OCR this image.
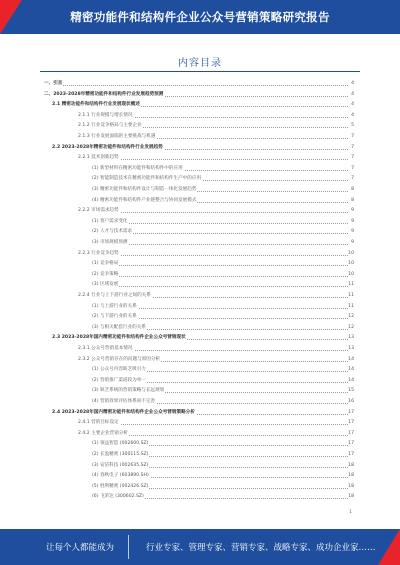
精密功能件和结构件企业公众号营销策略研究报告
内容目录
一、引言	4
二、2023-2028年精密功能件和结构件行业发展趋势预测	4
2.1 精密功能件和结构件行业发展现状概述	4
2.1.1 行业规模与增长情况	4
2.1.2 行业竞争格局与主要企业	5
2.1.3 行业发展面临的主要挑战与机遇	7
2.2 2023-2028年精密功能件和结构件行业发展趋势	7
2.2.1 技术创新趋势	7
(1) 新型材料在精密功能件和结构件中的应用	7
(2) 智能制造技术在精密功能件和结构件生产中的应用	7
(3) 精密功能件和结构件设计与制造一体化发展趋势	8
(4) 精密功能件和结构件产业链整合与协同发展模式	8
2.2.2 市场需求趋势	9
(1) 客户需求变化	9
(2) 人才与技术需求	9
(3) 市场规模预测	9
2.2.3 行业竞争趋势	10
(1) 竞争格局	10
(2) 竞争策略	10
(3) 区域发展	11
2.2.4 行业与上下游行业之间的关系	11
(1) 与上游行业的关系	11
(2) 与下游行业的关系	12
(3) 与相关配套行业的关系	12
2.3 2023-2028年国内精密功能件和结构件企业公众号营销现状	13
2.3.1 公众号营销基本情况	13
2.3.2 公众号营销存在的问题与原因分析	14
(1) 公众号内容缺乏吸引力	14
(2) 营销推广渠道较为单一	14
(3) 缺乏系统的营销策略与长远规划	15
(4) 营销效果评估体系尚不完善	16
2.4 2023-2028年国内精密功能件和结构件企业公众号营销策略分析	17
2.4.1 营销目标设定	17
2.4.2 主要企业营销分析	17
(1) 领益智造 (002600.SZ)	17
(2) 长盈精密 (300115.SZ)	17
(3) 安洁科技 (002635.SZ)	18
(4) 春秋电子 (603890.SH)	18
(5) 胜利精密 (002426.SZ)	18
(6) 飞荣达 (300602.SZ)	18
1
让每个人都能成为	行业专家、管理专家、营销专家、战略专家、成功企业家……
